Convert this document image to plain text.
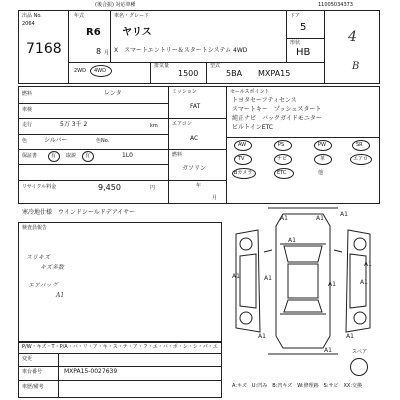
11005034373
(後合振) 対応車種
出品 No.
2064
7168
年式
R6
8 月
車名・グレード
ヤリス
X　スマートエントリー＆スタートシステム 4WD
ドア
5
形状
HB
4
B
2WD 4WD
排気量
1500
型式
5BA MXPA15
燃料	レンタ
車検
走行	5万 3千 2	km
色	シルバー	色No.
保証書	有 取説 有	1L0
リサイクル料金	9,450	円
ミッション
FAT
エアコン
AC
燃料
ガソリン
年
月
セールスポイント
トヨタセーフティセンス
スマートキー　プッシュスタート
純正ナビ　バックガイドモニター
ビルトインETC
AW	PS	PW	SR
TV	ナビ	革	エアロ
Bカメラ	ETC	他
寒冷地仕様　ウインドシールドデアイサー
検査員報告
スリキズ
キズ多数
エアバッグ
A1
A1	A1
A1
A1
A1
A1	A1
A1	A1
A1	A1
A1	スペア
P/W・キズ・T・P/A・バ・リ・ア・キ・ス・テ・ア・フ・エ・バ・ポ・シ・シ・パ・エ
変更
車台番号	MXPA15-0027639
車歴/備考	A:キズ　U:凹み　B:凹キズ　W:修理跡　S:サビ　XX:交換
